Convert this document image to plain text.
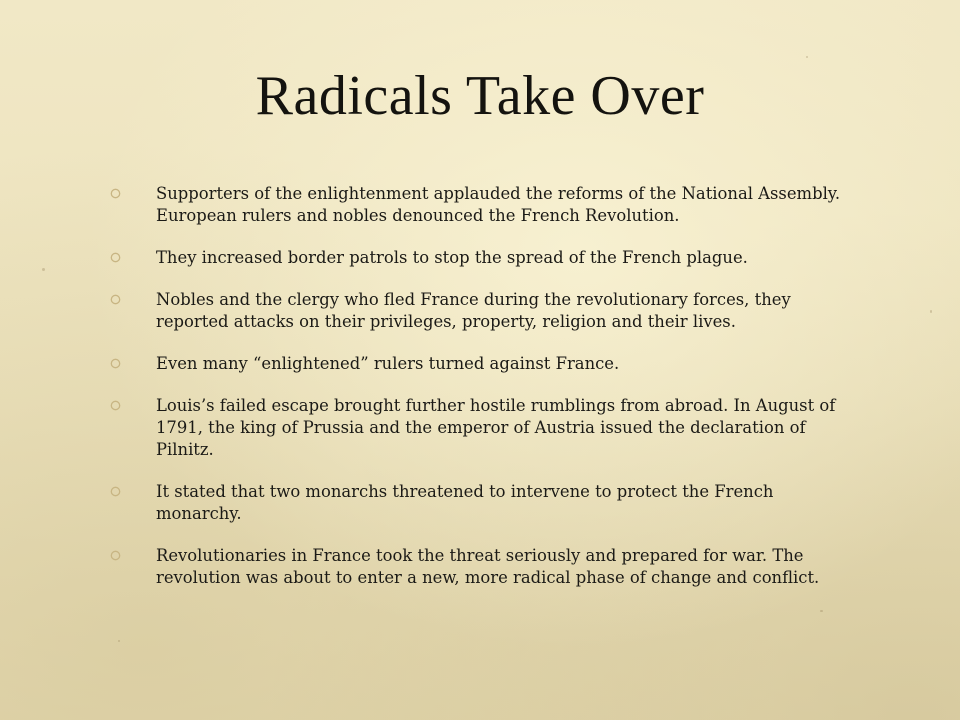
Radicals Take Over
Supporters of the enlightenment applauded the reforms of the National Assembly. European rulers and nobles denounced the French Revolution.
They increased border patrols to stop the spread of the French plague.
Nobles and the clergy who fled France during the revolutionary forces, they reported attacks on their privileges, property, religion and their lives.
Even many “enlightened” rulers turned against France.
Louis’s failed escape brought further hostile rumblings from abroad. In August of 1791, the king of Prussia and the emperor of Austria issued the declaration of Pilnitz.
It stated that two monarchs threatened to intervene to protect the French monarchy.
Revolutionaries in France took the threat seriously and prepared for war. The revolution was about to enter a new, more radical phase of change and conflict.
